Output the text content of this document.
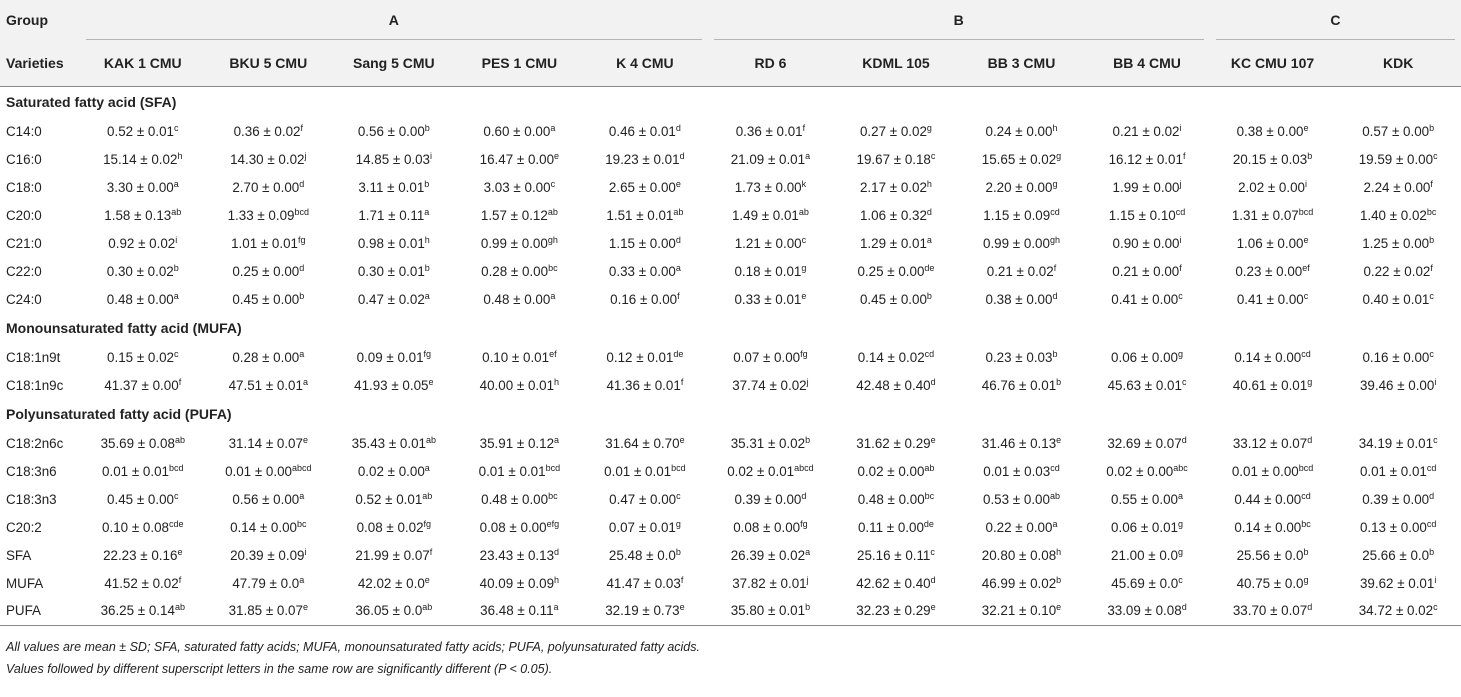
Group	A					B				C	
Varieties	KAK 1 CMU	BKU 5 CMU	Sang 5 CMU	PES 1 CMU	K 4 CMU	RD 6	KDML 105	BB 3 CMU	BB 4 CMU	KC CMU 107	KDK
Saturated fatty acid (SFA)											
C14:0	0.52 ± 0.01$^c$	0.36 ± 0.02$^f$	0.56 ± 0.00$^b$	0.60 ± 0.00$^a$	0.46 ± 0.01$^d$	0.36 ± 0.01$^f$	0.27 ± 0.02$^g$	0.24 ± 0.00$^h$	$0.21 \pm 0.02^i$	0.38 ± 0.00$^e$	0.57 ± 0.00$^b$
C16:0	15.14 ± 0.02$^h$	$14.30 \pm 0.02^j$	$14.85 \pm 0.03^i$	16.47 ± 0.00$^e$	19.23 ± 0.01$^d$	21.09 ± 0.01$^a$	19.67 ± 0.18$^c$	15.65 ± 0.02$^g$	16.12 ± 0.01$^f$	20.15 ± 0.03$^b$	19.59 ± 0.00$^c$
C18:0	3.30 ± 0.00$^a$	2.70 ± 0.00$^d$	3.11 ± 0.01$^b$	3.03 ± 0.00$^c$	2.65 ± 0.00$^e$	$1.73 \pm 0.00^k$	2.17 ± 0.02$^h$	2.20 ± 0.00$^g$	$1.99 \pm 0.00^j$	$2.02 \pm 0.00^i$	2.24 ± 0.00$^f$
C20:0	1.58 ± 0.13$^{ab}$	1.33 ± 0.09$^{bcd}$	1.71 ± 0.11$^a$	1.57 ± 0.12$^{ab}$	1.51 ± 0.01$^{ab}$	1.49 ± 0.01$^{ab}$	1.06 ± 0.32$^d$	1.15 ± 0.09$^{cd}$	1.15 ± 0.10$^{cd}$	1.31 ± 0.07$^{bcd}$	1.40 ± 0.02$^{bc}$
C21:0	$0.92 \pm 0.02^i$	1.01 ± 0.01$^{fg}$	0.98 ± 0.01$^h$	0.99 ± 0.00$^{gh}$	1.15 ± 0.00$^d$	1.21 ± 0.00$^c$	1.29 ± 0.01$^a$	0.99 ± 0.00$^{gh}$	$0.90 \pm 0.00^i$	1.06 ± 0.00$^e$	1.25 ± 0.00$^b$
C22:0	0.30 ± 0.02$^b$	0.25 ± 0.00$^d$	0.30 ± 0.01$^b$	0.28 ± 0.00$^{bc}$	0.33 ± 0.00$^a$	0.18 ± 0.01$^g$	0.25 ± 0.00de	0.21 ± 0.02$^f$	0.21 ± 0.00$^f$	0.23 ± 0.00$^{ef}$	0.22 ± 0.02$^f$
C24:0	0.48 ± 0.00$^a$	0.45 ± 0.00$^b$	0.47 ± 0.02$^a$	0.48 ± 0.00$^a$	0.16 ± 0.00$^f$	0.33 ± 0.01$^e$	0.45 ± 0.00$^b$	0.38 ± 0.00$^d$	0.41 ± 0.00$^c$	0.41 ± 0.00$^c$	0.40 ± 0.01$^c$
Monounsaturated fatty acid (MUFA)											
C18:1n9t	0.15 ± 0.02$^c$	0.28 ± 0.00$^a$	0.09 ± 0.01$^{fg}$	0.10 ± 0.01$^{ef}$	0.12 ± 0.01de	0.07 ± 0.00$^{fg}$	0.14 ± 0.02$^{cd}$	0.23 ± 0.03$^b$	0.06 ± 0.00$^g$	0.14 ± 0.00$^{cd}$	0.16 ± 0.00$^c$
C18:1n9c	41.37 ± 0.00$^f$	47.51 ± 0.01$^a$	41.93 ± 0.05$^e$	40.00 ± 0.01$^h$	41.36 ± 0.01$^f$	$37.74 \pm 0.02^j$	42.48 ± 0.40$^d$	46.76 ± 0.01$^b$	45.63 ± 0.01$^c$	40.61 ± 0.01$^g$	$39.46 \pm 0.00^i$
Polyunsaturated fatty acid (PUFA)											
C18:2n6c	35.69 ± 0.08$^{ab}$	31.14 ± 0.07$^e$	35.43 ± 0.01$^{ab}$	35.91 ± 0.12$^a$	31.64 ± 0.70$^e$	35.31 ± 0.02$^b$	31.62 ± 0.29$^e$	31.46 ± 0.13$^e$	32.69 ± 0.07$^d$	33.12 ± 0.07$^d$	34.19 ± 0.01$^c$
C18:3n6	0.01 ± 0.01$^{bcd}$	$0.01 \pm 0.00^{abcd}$	0.02 ± 0.00$^a$	0.01 ± 0.01$^{bcd}$	0.01 ± 0.01$^{bcd}$	$0.02 \pm 0.01^{abcd}$	0.02 ± 0.00$^{ab}$	0.01 ± 0.03$^{cd}$	0.02 ± 0.00$^{abc}$	0.01 ± 0.00$^{bcd}$	0.01 ± 0.01$^{cd}$
C18:3n3	0.45 ± 0.00$^c$	0.56 ± 0.00$^a$	0.52 ± 0.01$^{ab}$	0.48 ± 0.00$^{bc}$	0.47 ± 0.00$^c$	0.39 ± 0.00$^d$	0.48 ± 0.00$^{bc}$	0.53 ± 0.00$^{ab}$	0.55 ± 0.00$^a$	0.44 ± 0.00$^{cd}$	0.39 ± 0.00$^d$
C20:2	0.10 ± 0.08$^{cde}$	0.14 ± 0.00$^{bc}$	0.08 ± 0.02$^{fg}$	0.08 ± 0.00$^{efg}$	0.07 ± 0.01$^g$	0.08 ± 0.00$^{fg}$	0.11 ± 0.00de	0.22 ± 0.00$^a$	0.06 ± 0.01$^g$	0.14 ± 0.00$^{bc}$	0.13 ± 0.00$^{cd}$
SFA	22.23 ± 0.16$^e$	$20.39 \pm 0.09^i$	21.99 ± 0.07$^f$	23.43 ± 0.13$^d$	25.48 ± 0.0$^b$	26.39 ± 0.02$^a$	25.16 ± 0.11$^c$	20.80 ± 0.08$^h$	21.00 ± 0.0$^g$	25.56 ± 0.0$^b$	25.66 ± 0.0$^b$
MUFA	41.52 ± 0.02$^f$	47.79 ± 0.0$^a$	42.02 ± 0.0$^e$	40.09 ± 0.09$^h$	41.47 ± 0.03$^f$	$37.82 \pm 0.01^j$	42.62 ± 0.40$^d$	46.99 ± 0.02$^b$	45.69 ± 0.0$^c$	40.75 ± 0.0$^g$	$39.62 \pm 0.01^i$
PUFA	36.25 ± 0.14$^{ab}$	31.85 ± 0.07$^e$	36.05 ± 0.0$^{ab}$	36.48 ± 0.11$^a$	32.19 ± 0.73$^e$	35.80 ± 0.01$^b$	32.23 ± 0.29$^e$	32.21 ± 0.10$^e$	33.09 ± 0.08$^d$	33.70 ± 0.07$^d$	34.72 ± 0.02$^c$
All values are mean ± SD; SFA, saturated fatty acids; MUFA, monounsaturated fatty acids; PUFA, polyunsaturated fatty acids.
Values followed by different superscript letters in the same row are significantly different (P < 0.05).
